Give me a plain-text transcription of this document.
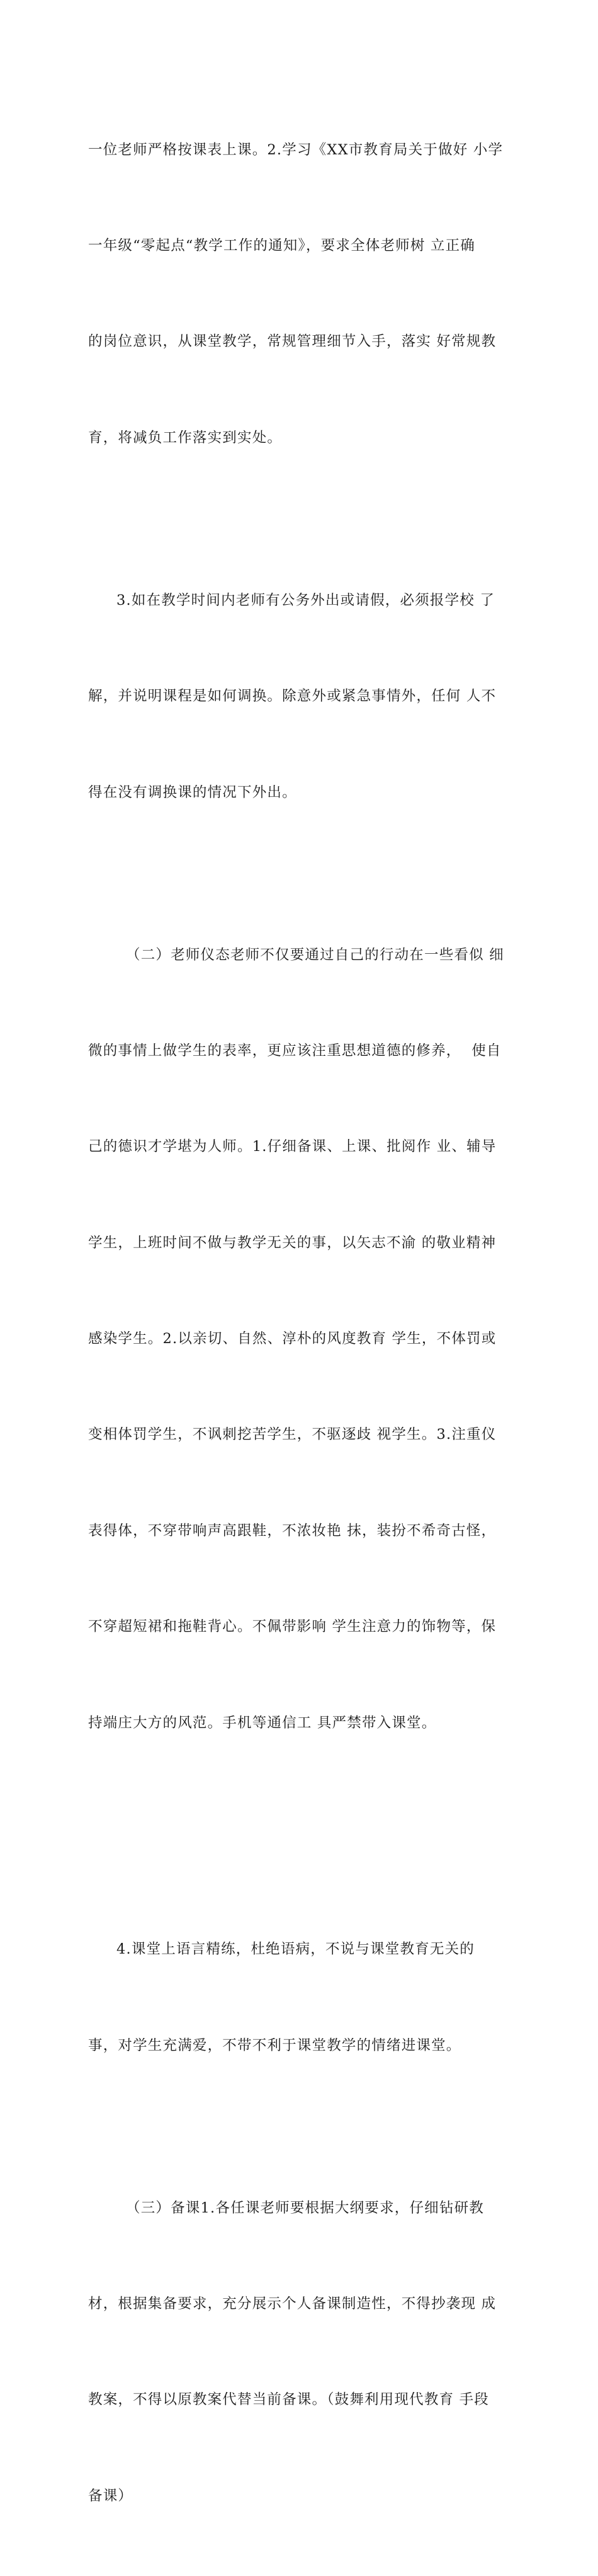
一位老师严格按课表上课。2.学习《XX市教育局关于做好 小学

一年级“零起点“教学工作的通知》，要求全体老师树 立正确

的岗位意识，从课堂教学，常规管理细节入手，落实 好常规教

育，将减负工作落实到实处。

3.如在教学时间内老师有公务外出或请假，必须报学校 了

解，并说明课程是如何调换。除意外或紧急事情外，任何 人不

得在没有调换课的情况下外出。

（二）老师仪态老师不仅要通过自己的行动在一些看似 细

微的事情上做学生的表率，更应该注重思想道德的修养，  使自

己的德识才学堪为人师。1.仔细备课、上课、批阅作 业、辅导

学生，上班时间不做与教学无关的事，以矢志不渝 的敬业精神

感染学生。2.以亲切、自然、淳朴的风度教育 学生，不体罚或

变相体罚学生，不讽刺挖苦学生，不驱逐歧 视学生。3.注重仪

表得体，不穿带响声高跟鞋，不浓妆艳 抹，装扮不希奇古怪，

不穿超短裙和拖鞋背心。不佩带影响 学生注意力的饰物等，保

持端庄大方的风范。手机等通信工 具严禁带入课堂。

4.课堂上语言精练，杜绝语病，不说与课堂教育无关的

事，对学生充满爱，不带不利于课堂教学的情绪进课堂。

（三）备课1.各任课老师要根据大纲要求，仔细钻研教

材，根据集备要求，充分展示个人备课制造性，不得抄袭现 成

教案，不得以原教案代替当前备课。（鼓舞利用现代教育 手段

备课）
